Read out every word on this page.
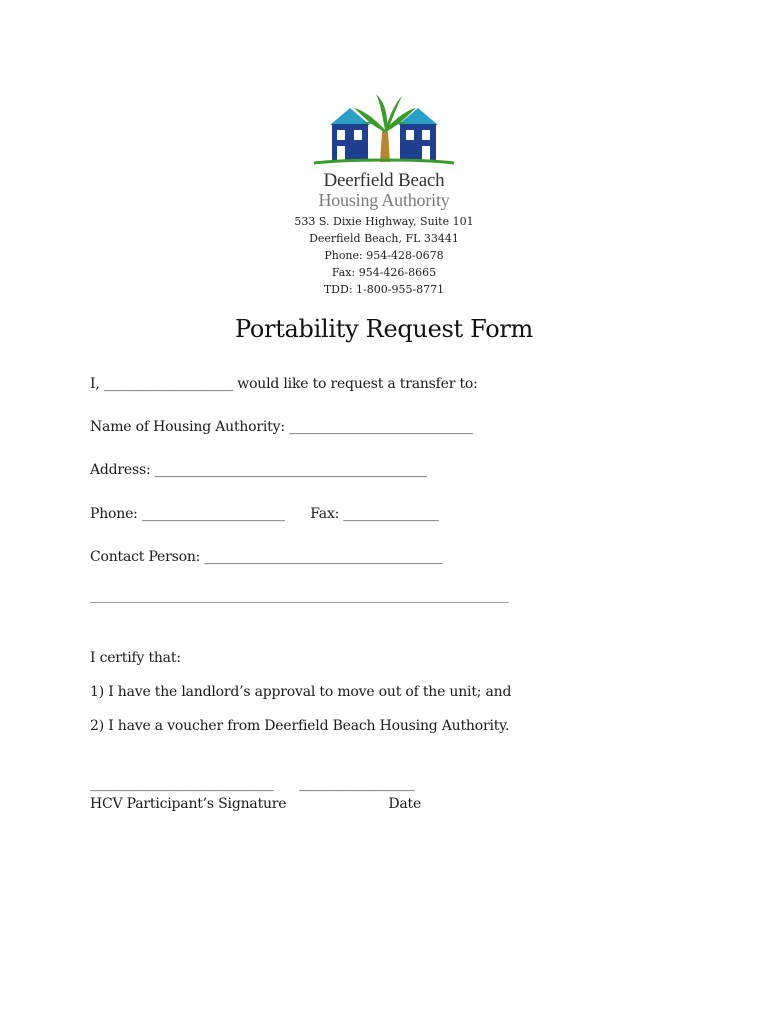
Deerfield Beach
Housing Authority
533 S. Dixie Highway, Suite 101
Deerfield Beach, FL 33441
Phone: 954-428-0678
Fax: 954-426-8665
TDD: 1-800-955-8771
Portability Request Form
I, ___________________ would like to request a transfer to:
Name of Housing Authority: ___________________________
Address: ________________________________________
Phone: _____________________      Fax: ______________
Contact Person: ___________________________________
_______________________________________________________________________________
I certify that:
1) I have the landlord’s approval to move out of the unit; and
2) I have a voucher from Deerfield Beach Housing Authority.
___________________________      _________________
HCV Participant’s Signature                        Date
